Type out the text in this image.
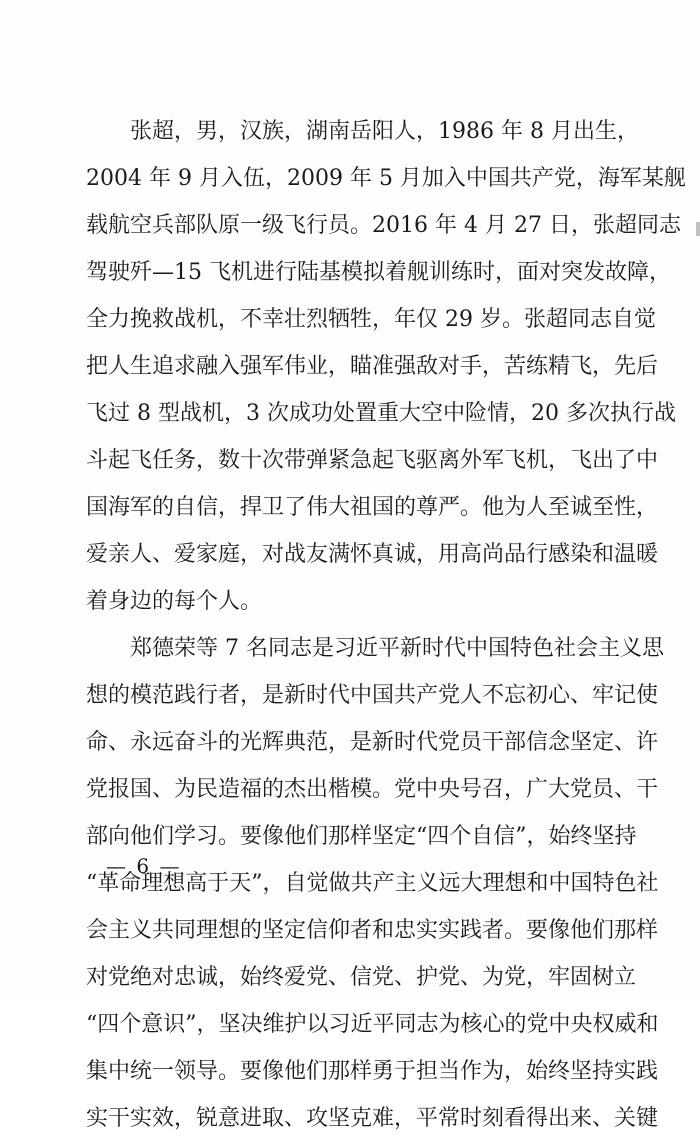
张超，男，汉族，湖南岳阳人，1986 年 8 月出生，
2004 年 9 月入伍，2009 年 5 月加入中国共产党，海军某舰
载航空兵部队原一级飞行员。2016 年 4 月 27 日，张超同志
驾驶歼—15 飞机进行陆基模拟着舰训练时，面对突发故障，
全力挽救战机，不幸壮烈牺牲，年仅 29 岁。张超同志自觉
把人生追求融入强军伟业，瞄准强敌对手，苦练精飞，先后
飞过 8 型战机，3 次成功处置重大空中险情，20 多次执行战
斗起飞任务，数十次带弹紧急起飞驱离外军飞机，飞出了中
国海军的自信，捍卫了伟大祖国的尊严。他为人至诚至性，
爱亲人、爱家庭，对战友满怀真诚，用高尚品行感染和温暖
着身边的每个人。
郑德荣等 7 名同志是习近平新时代中国特色社会主义思
想的模范践行者，是新时代中国共产党人不忘初心、牢记使
命、永远奋斗的光辉典范，是新时代党员干部信念坚定、许
党报国、为民造福的杰出楷模。党中央号召，广大党员、干
部向他们学习。要像他们那样坚定“四个自信”，始终坚持
“革命理想高于天”，自觉做共产主义远大理想和中国特色社
会主义共同理想的坚定信仰者和忠实实践者。要像他们那样
对党绝对忠诚，始终爱党、信党、护党、为党，牢固树立
“四个意识”，坚决维护以习近平同志为核心的党中央权威和
集中统一领导。要像他们那样勇于担当作为，始终坚持实践
实干实效，锐意进取、攻坚克难，平常时刻看得出来、关键
— 6 —
